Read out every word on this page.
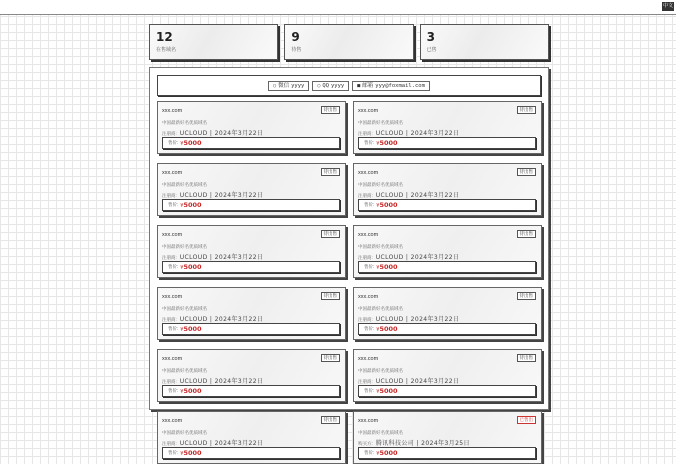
中文
12
在售域名
9
待售
3
已售
○ 微信 yyyy	○ QQ yyyy	■ 邮箱 yyy@foxmail.com
xxx.com	待出售
中国最新好名优质域名
注册商: UCLOUD | 2024年3月22日
售价: ¥5000
xxx.com	待出售
中国最新好名优质域名
注册商: UCLOUD | 2024年3月22日
售价: ¥5000
xxx.com	待出售
中国最新好名优质域名
注册商: UCLOUD | 2024年3月22日
售价: ¥5000
xxx.com	待出售
中国最新好名优质域名
注册商: UCLOUD | 2024年3月22日
售价: ¥5000
xxx.com	待出售
中国最新好名优质域名
注册商: UCLOUD | 2024年3月22日
售价: ¥5000
xxx.com	待出售
中国最新好名优质域名
注册商: UCLOUD | 2024年3月22日
售价: ¥5000
xxx.com	待出售
中国最新好名优质域名
注册商: UCLOUD | 2024年3月22日
售价: ¥5000
xxx.com	待出售
中国最新好名优质域名
注册商: UCLOUD | 2024年3月22日
售价: ¥5000
xxx.com	待出售
中国最新好名优质域名
注册商: UCLOUD | 2024年3月22日
售价: ¥5000
xxx.com	待出售
中国最新好名优质域名
注册商: UCLOUD | 2024年3月22日
售价: ¥5000
xxx.com	待出售
中国最新好名优质域名
注册商: UCLOUD | 2024年3月22日
售价: ¥5000
xxx.com	已售出
中国最新好名优质域名
购买方: 腾讯科技公司 | 2024年3月25日
售价: ¥5000
